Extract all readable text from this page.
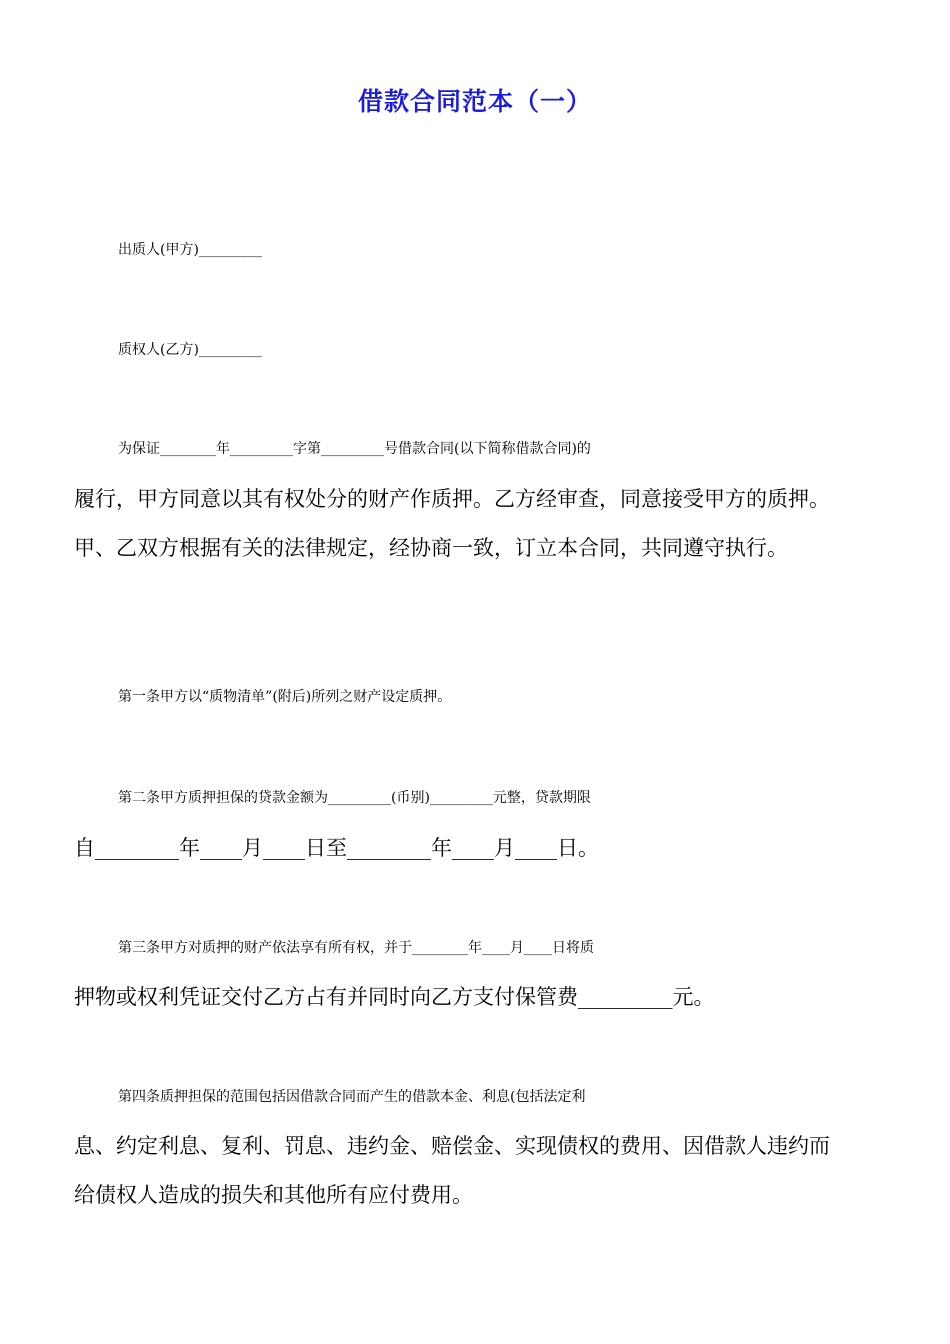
借款合同范本（一）
出质人(甲方)_________
质权人(乙方)_________
为保证________年_________字第_________号借款合同(以下简称借款合同)的
履行，甲方同意以其有权处分的财产作质押。乙方经审查，同意接受甲方的质押。
甲、乙双方根据有关的法律规定，经协商一致，订立本合同，共同遵守执行。
第一条甲方以“质物清单”(附后)所列之财产设定质押。
第二条甲方质押担保的贷款金额为_________(币别)_________元整，贷款期限
自________年____月____日至________年____月____日。
第三条甲方对质押的财产依法享有所有权，并于________年____月____日将质
押物或权利凭证交付乙方占有并同时向乙方支付保管费_________元。
第四条质押担保的范围包括因借款合同而产生的借款本金、利息(包括法定利
息、约定利息、复利、罚息、违约金、赔偿金、实现债权的费用、因借款人违约而
给债权人造成的损失和其他所有应付费用。
